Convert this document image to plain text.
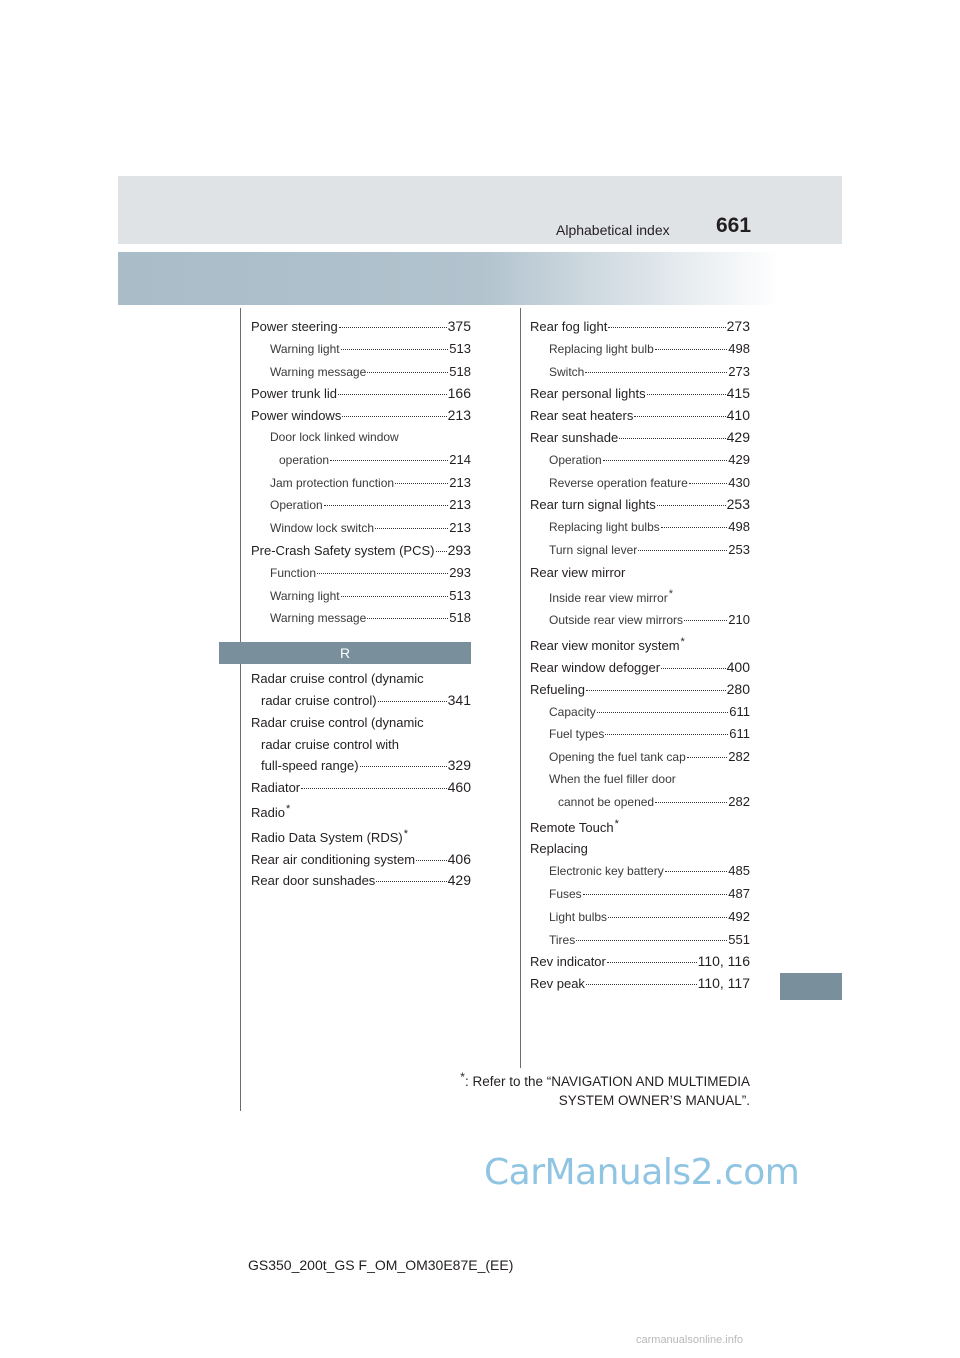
Alphabetical index 661
Power steering	375
Warning light	513
Warning message	518
Power trunk lid	166
Power windows	213
Door lock linked window
operation	214
Jam protection function	213
Operation	213
Window lock switch	213
Pre-Crash Safety system (PCS) 293
Function	293
Warning light	513
Warning message	518
R
Radar cruise control (dynamic
radar cruise control)	341
Radar cruise control (dynamic
radar cruise control with
full-speed range)	329
Radiator	460
Radio*
Radio Data System (RDS)*
Rear air conditioning system 406
Rear door sunshades	429
Rear fog light	273
Replacing light bulb	498
Switch	273
Rear personal lights	415
Rear seat heaters	410
Rear sunshade	429
Operation	429
Reverse operation feature	430
Rear turn signal lights	253
Replacing light bulbs	498
Turn signal lever	253
Rear view mirror
Inside rear view mirror*
Outside rear view mirrors	210
Rear view monitor system*
Rear window defogger	400
Refueling	280
Capacity	611
Fuel types	611
Opening the fuel tank cap	282
When the fuel filler door
cannot be opened	282
Remote Touch*
Replacing
Electronic key battery	485
Fuses	487
Light bulbs	492
Tires	551
Rev indicator	110, 116
Rev peak	110, 117
*: Refer to the “NAVIGATION AND MULTIMEDIA
SYSTEM OWNER’S MANUAL”.
GS350_200t_GS F_OM_OM30E87E_(EE)
CarManuals2.com
carmanualsonline.info
